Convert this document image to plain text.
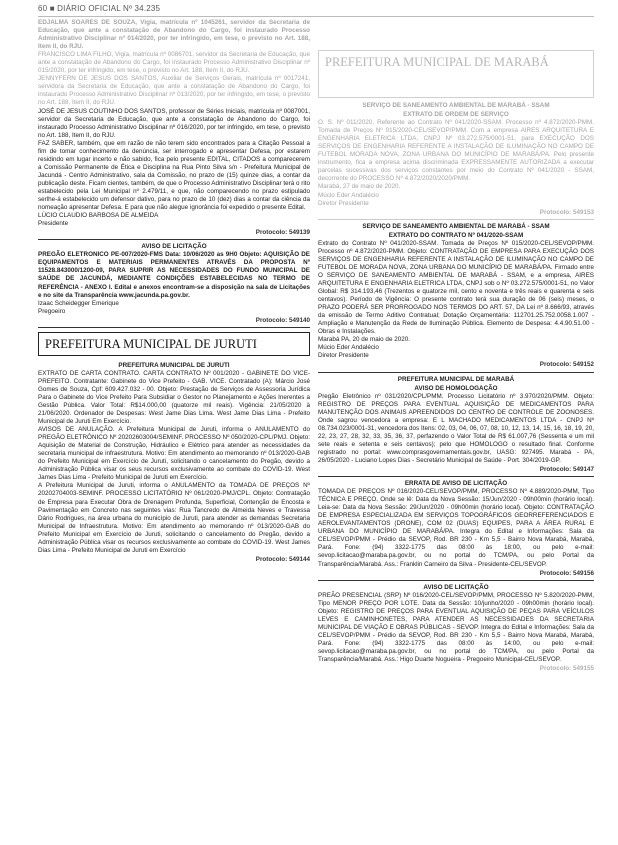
60 ■ DIÁRIO OFICIAL Nº 34.235

EDJALMA SOARES DE SOUZA, Vigia, matrícula nº 1045261, servidor da Secretaria de Educação, que ante a constatação de Abandono do Cargo, foi instaurado Processo Administrativo Disciplinar nº 014/2020, por ter infringido, em tese, o previsto no Art. 188, Item II, do RJU.

FRANCISCO LIMA FILHO, Vigia, matrícula nº 0086701, servidor da Secretaria de Educação, que ante a constatação de Abandono do Cargo, foi instaurado Processo Administrativo Disciplinar nº 015/2020, por ter infringido, em tese, o previsto no Art. 188, Item II, do RJU.

JENNYFERN DE JESUS DOS SANTOS, Auxiliar de Serviços Gerais, matrícula nº 0017241, servidora da Secretaria de Educação, que ante a constatação de Abandono do Cargo, foi instaurado Processo Administrativo Disciplinar nº 013/2020, por ter infringido, em tese, o previsto no Art. 188, Item II, do RJU.

JOSÉ DE JESUS COUTINHO DOS SANTOS, professor de Séries Iniciais, matrícula nº 0087001, servidor da Secretaria de Educação, que ante a constatação de Abandono do Cargo, foi instaurado Processo Administrativo Disciplinar nº 016/2020, por ter infringido, em tese, o previsto no Art. 188, Item II, do RJU.

FAZ SABER, também, que em razão de não terem sido encontrados para a Citação Pessoal a fim de tomar conhecimento da denúncia, ser interrogado e apresentar Defesa, por estarem residindo em lugar incerto e não sabido, fica pelo presente EDITAL, CITADOS a comparecerem a Comissão Permanente de Ética e Disciplina na Rua Pinto Silva s/n - Prefeitura Municipal de Jacundá - Centro Administrativo, sala da Comissão, no prazo de (15) quinze dias, a contar da publicação deste. Ficam cientes, também, de que o Processo Administrativo Disciplinar terá o rito estabelecido pela Lei Municipal nº 2.479/11, e que, não comparecendo no prazo estipulado serlhe-á estabelecido um defensor dativo, para no prazo de 10 (dez) dias a contar da ciência da nomeação apresentar Defesa. E para que não alegue ignorância foi expedido o presente Edital.

LÚCIO CLAUDIO BARBOSA DE ALMEIDA

Presidente

Protocolo: 549139

AVISO DE LICITAÇÃO

PREGÃO ELETRONICO PE-007/2020-FMS Data: 10/06/2020 as 9H0 Objeto: AQUISIÇÃO DE EQUIPAMENTOS E MATERIAIS PERMANENTES ATRAVÉS DA PROPOSTA Nº 11528.843000/1200-09, PARA SUPRIR AS NECESSIDADES DO FUNDO MUNICIPAL DE SAÚDE DE JACUNDÁ, MEDIANTE CONDIÇÕES ESTABELECIDAS NO TERMO DE REFERÊNCIA - ANEXO I. Edital e anexos encontram-se a disposição na sala de Licitações e no site da Transparência www.jacunda.pa.gov.br.

Izaac Scheidegger Emerique

Pregoeiro

Protocolo: 549140

PREFEITURA MUNICIPAL DE JURUTI

PREFEITURA MUNICIPAL DE JURUTI

EXTRATO DE CARTA CONTRATO. CARTA CONTRATO Nº 001/2020 - GABINETE DO VICE-PREFEITO. Contratante: Gabinete do Vice Prefeito - GAB. VICE. Contratado (A): Márcio José Gomes de Souza, Cpf: 609.427.032 - 00. Objeto: Prestação de Serviços de Assessoria Jurídica Para o Gabinete do Vice Prefeito Para Subsidiar o Gestor no Planejamento e Ações Inerentes a Gestão Pública. Valor Total: R$14.000,00 (quatorze mil reais). Vigência: 21/05/2020 à 21/06/2020. Ordenador de Despesas: West Jame Dias Lima. West Jame Dias Lima - Prefeito Municipal de Juruti Em Exercício.

AVISOS DE ANULAÇÃO. A Prefeitura Municipal de Juruti, informa o ANULAMENTO do PREGÃO ELETRÔNICO Nº 20202603004/SEMINF. PROCESSO Nº 050/2020-CPL/PMJ. Objeto: Aquisição de Material de Construção, Hidráulico e Elétrico para atender as necessidades da secretaria municipal de infraestrutura. Motivo: Em atendimento ao memorando nº 013/2020-GAB do Prefeito Municipal em Exercício de Juruti, solicitando o cancelamento do Pregão, devido a Administração Pública visar os seus recursos exclusivamente ao combate do COVID-19. West James Dias Lima - Prefeito Municipal de Juruti em Exercício.

A Prefeitura Municipal de Juruti, informa o ANULAMENTO da TOMADA DE PREÇOS Nº 20202704003-SEMINF. PROCESSO LICITATÓRIO Nº 061/2020-PMJ/CPL. Objeto: Contratação de Empresa para Executar Obra de Drenagem Profunda, Superficial, Contenção de Encosta e Pavimentação em Concreto nas seguintes vias: Rua Tancredo de Almeida Neves e Travessa Dário Rodrigues, na área urbana do município de Juruti, para atender as demandas Secretaria Municipal de Infraestrutura. Motivo: Em atendimento ao memorando nº 013/2020-GAB do Prefeito Municipal em Exercício de Juruti, solicitando o cancelamento do Pregão, devido a Administração Pública visar os recursos exclusivamente ao combate do COVID-19. West James Dias Lima - Prefeito Municipal de Juruti em Exercício

Protocolo: 549144

PREFEITURA MUNICIPAL DE MARABÁ

SERVIÇO DE SANEAMENTO AMBIENTAL DE MARABÁ - SSAM

EXTRATO DE ORDEM DE SERVIÇO

O. S. Nº 011/2020. Referente ao Contrato Nº 041/2020-SSAM. Processo nº 4.872/2020-PMM. Tomada de Preços Nº 015/2020-CEL/SEVOP/PMM. Com a empresa AIRES ARQUITETURA E ENGENHARIA ELETRICA LTDA, CNPJ Nº 03.272.575/0001-51, para EXECUÇÃO DOS SERVIÇOS DE ENGENHARIA REFERENTE A INSTALAÇÃO DE ILUMINAÇÃO NO CAMPO DE FUTEBOL MORADA NOVA, ZONA URBANA DO MUNICÍPIO DE MARABÁ/PA. Pelo presente instrumento, fica a empresa acima discriminada EXPRESSAMENTE AUTORIZADA a executar parcelas sucessivas dos serviços constantes por meio do Contrato Nº 041/2020 - SSAM, decorrente do PROCESSO Nº 4.872/2020/2020/PMM.

Marabá, 27 de maio de 2020.

Múcio Eder Andalécio

Diretor Presidente

Protocolo: 549153

SERVIÇO DE SANEAMENTO AMBIENTAL DE MARABÁ - SSAM

EXTRATO DO CONTRATO Nº 041/2020-SSAM

Extrato do Contrato Nº 041/2020-SSAM. Tomada de Preços Nº 015/2020-CEL/SEVOP/PMM. Processo nº 4.872/2020-PMM. Objeto: CONTRATAÇÃO DE EMPRESA PARA EXECUÇÃO DOS SERVIÇOS DE ENGENHARIA REFERENTE A INSTALAÇÃO DE ILUMINAÇÃO NO CAMPO DE FUTEBOL DE MORADA NOVA, ZONA URBANA DO MUNICÍPIO DE MARABÁ/PA. Firmado entre O SERVIÇO DE SANEAMENTO AMBIENTAL DE MARABÁ - SSAM, e a empresa, AIRES ARQUITETURA E ENGENHARIA ELETRICA LTDA, CNPJ sob o Nº 03.272.575/0001-51, no Valor Global: R$ 314.193,46 (Trezentos e quatorze mil, cento e noventa e três reais e quarenta e seis centavos). Período de Vigência: O presente contrato terá sua duração de 06 (seis) meses, o PRAZO PODERÁ SER PRORROGADO NOS TERMOS DO ART. 57, DA Lei nº 8.666/93, através da emissão de Termo Aditivo Contratual; Dotação Orçamentária: 112701.25.752.0058.1.007 - Ampliação e Manutenção da Rede de Iluminação Pública. Elemento de Despesa: 4.4.90.51.00 - Obras e Instalações.

Marabá PA, 20 de maio de 2020.

Múcio Eder Andalécio

Diretor Presidente

Protocolo: 549152

PREFEITURA MUNICIPAL DE MARABÁ

AVISO DE HOMOLOGAÇÃO

Pregão Eletrônico nº 031/2020/CPL/PMM. Processo Licitatório nº 3.970/2020/PMM. Objeto: REGISTRO DE PREÇOS PARA EVENTUAL AQUISIÇÃO DE MEDICAMENTOS PARA MANUTENÇÃO DOS ANIMAIS APREENDIDOS DO CENTRO DE CONTROLE DE ZOONOSES. Onde sagrou vencedora a empresa: E L MACHADO MEDICAMENTOS LTDA - CNPJ Nº 08.734.023/0001-31, vencedora dos Itens: 02, 03, 04, 06, 07, 08, 10, 12, 13, 14, 15, 16, 18, 19, 20, 22, 23, 27, 28, 32, 33, 35, 36, 37, perfazendo o Valor Total de R$ 61.007,76 (Sessenta e um mil sete reais e setenta e seis centavos); pelo que HOMOLOGO o resultado final. Conforme registrado no portal: www.comprasgovernamentais.gov.br, UASG: 927495. Marabá - PA, 26/05/2020 - Luciano Lopes Dias - Secretário Municipal de Saúde - Port. 304/2019-GP.

Protocolo: 549147

ERRATA DE AVISO DE LICITAÇÃO

TOMADA DE PREÇOS Nº 016/2020-CEL/SEVOP/PMM, PROCESSO Nº 4.889/2020-PMM, Tipo TÉCNICA E PREÇO. Onde se lê: Data da Nova Sessão: 15/Jun/2020 - 09h00min (horário local). Leia-se: Data da Nova Sessão: 29/Jun/2020 - 09h00min (horário local). Objeto: CONTRATAÇÃO DE EMPRESA ESPECIALIZADA EM SERVIÇOS TOPOGRÁFICOS GEORREFERENCIADOS E AEROLEVANTAMENTOS (DRONE), COM 02 (DUAS) EQUIPES, PARA A ÁREA RURAL E URBANA DO MUNICÍPIO DE MARABÁ/PA. Integra do Edital e Informações: Sala da CEL/SEVOP/PMM - Prédio da SEVOP, Rod. BR 230 - Km 5,5 - Bairro Nova Marabá, Marabá, Pará. Fone: (94) 3322-1775 das 08:00 às 18:00, ou pelo e-mail: sevop.licitacao@maraba.pa.gov.br, ou no portal do TCM/PA, ou pelo Portal da Transparência/Marabá. Ass.: Franklin Carneiro da Silva - Presidente-CEL/SEVOP.

Protocolo: 549156

AVISO DE LICITAÇÃO

PREÃO PRESENCIAL (SRP) Nº 016/2020-CEL/SEVOP/PMM, PROCESSO Nº 5.820/2020-PMM, Tipo MENOR PREÇO POR LOTE. Data da Sessão: 10/junho/2020 - 09h00min (horário local). Objeto: REGISTRO DE PREÇOS PARA EVENTUAL AQUISIÇÃO DE PEÇAS PARA VEÍCULOS LEVES E CAMINHONETES, PARA ATENDER AS NECESSIDADES DA SECRETARIA MUNICIPAL DE VIAÇÃO E OBRAS PÚBLICAS - SEVOP. Integra do Edital e Informações: Sala da CEL/SEVOP/PMM - Prédio da SEVOP, Rod. BR 230 - Km 5,5 - Bairro Nova Marabá, Marabá, Pará. Fone: (94) 3322-1775 das 08:00 às 14:00, ou pelo e-mail: sevop.licitacao@maraba.pa.gov.br, ou no portal do TCM/PA, ou pelo Portal da Transparência/Marabá. Ass.: Higo Duarte Nogueira - Pregoeiro Municipal-CEL/SEVOP.

Protocolo: 549155
